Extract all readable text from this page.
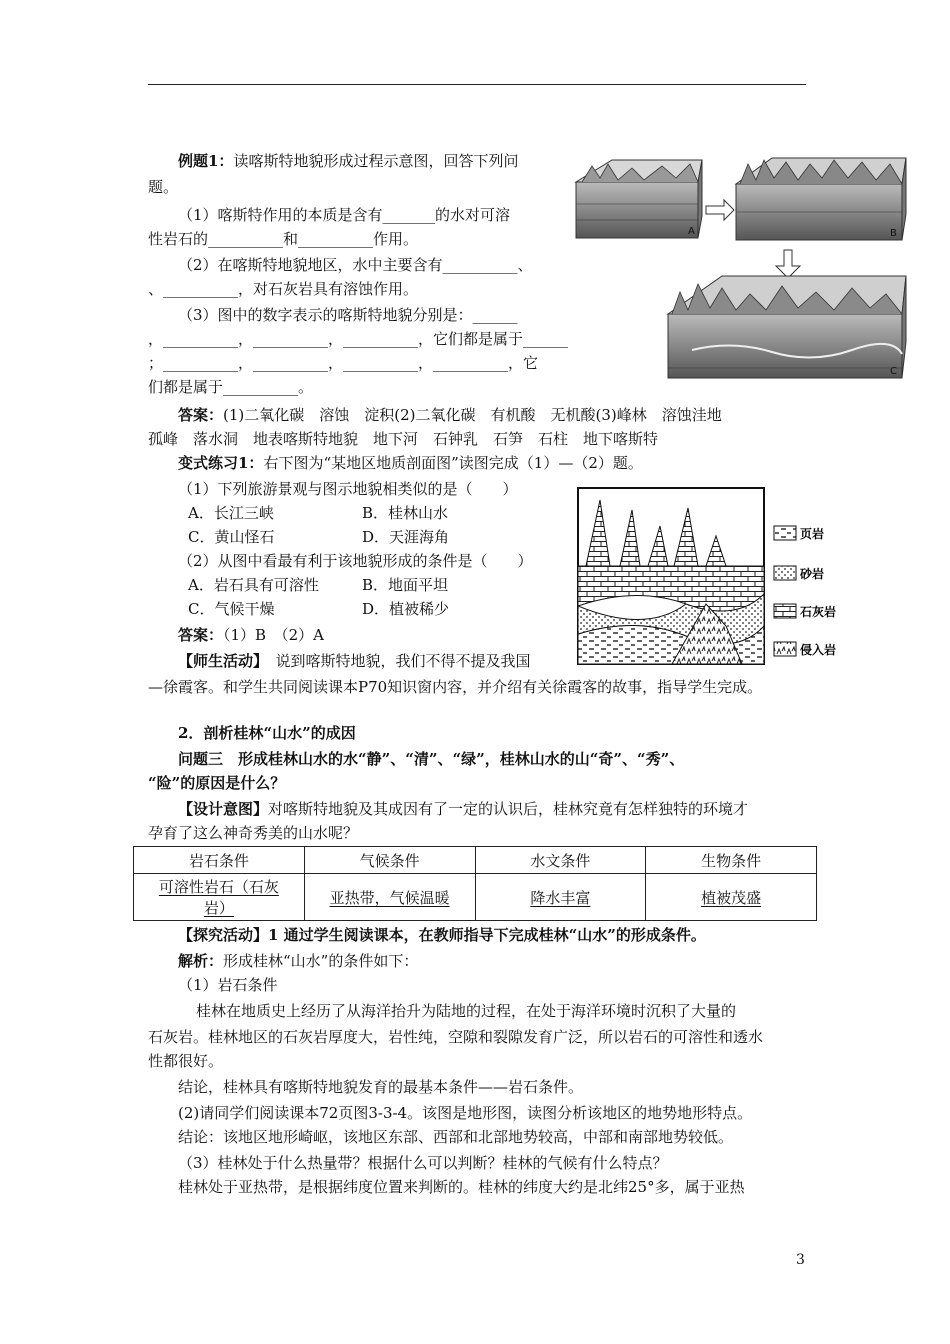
例题1：读喀斯特地貌形成过程示意图，回答下列问
题。
（1）喀斯特作用的本质是含有_______的水对可溶
性岩石的__________和__________作用。
（2）在喀斯特地貌地区，水中主要含有__________、
、__________，对石灰岩具有溶蚀作用。
（3）图中的数字表示的喀斯特地貌分别是：______
，__________，__________，__________，它们都是属于______
；__________，__________，__________，__________，它
们都是属于__________。
答案：(1)二氧化碳　溶蚀　淀积(2)二氧化碳　有机酸　无机酸(3)峰林　溶蚀洼地
孤峰　落水洞　地表喀斯特地貌　地下河　石钟乳　石笋　石柱　地下喀斯特
A	B
C
变式练习1：右下图为“某地区地质剖面图”读图完成（1）—（2）题。
（1）下列旅游景观与图示地貌相类似的是（　　）
A．长江三峡	B．桂林山水
C．黄山怪石	D．天涯海角
（2）从图中看最有利于该地貌形成的条件是（　　）
A．岩石具有可溶性	B．地面平坦
C．气候干燥	D．植被稀少
答案：（1）B　（2）A
页岩
砂岩
石灰岩
侵入岩
【师生活动】　说到喀斯特地貌，我们不得不提及我国
—徐霞客。和学生共同阅读课本P70知识窗内容，并介绍有关徐霞客的故事，指导学生完成。
2．剖析桂林“山水”的成因
问题三　形成桂林山水的水“静”、“清”、“绿”，桂林山水的山“奇”、“秀”、
“险”的原因是什么？
【设计意图】对喀斯特地貌及其成因有了一定的认识后，桂林究竟有怎样独特的环境才
孕育了这么神奇秀美的山水呢？
岩石条件	气候条件	水文条件	生物条件
可溶性岩石（石灰
岩）	亚热带，气候温暖	降水丰富	植被茂盛
【探究活动】1 通过学生阅读课本，在教师指导下完成桂林“山水”的形成条件。
解析：形成桂林“山水”的条件如下：
（1）岩石条件
桂林在地质史上经历了从海洋抬升为陆地的过程，在处于海洋环境时沉积了大量的
石灰岩。桂林地区的石灰岩厚度大，岩性纯，空隙和裂隙发育广泛，所以岩石的可溶性和透水
性都很好。
结论，桂林具有喀斯特地貌发育的最基本条件——岩石条件。
(2)请同学们阅读课本72页图3-3-4。该图是地形图，读图分析该地区的地势地形特点。
结论：该地区地形崎岖，该地区东部、西部和北部地势较高，中部和南部地势较低。
（3）桂林处于什么热量带？根据什么可以判断？桂林的气候有什么特点？
桂林处于亚热带，是根据纬度位置来判断的。桂林的纬度大约是北纬25°多，属于亚热
3
